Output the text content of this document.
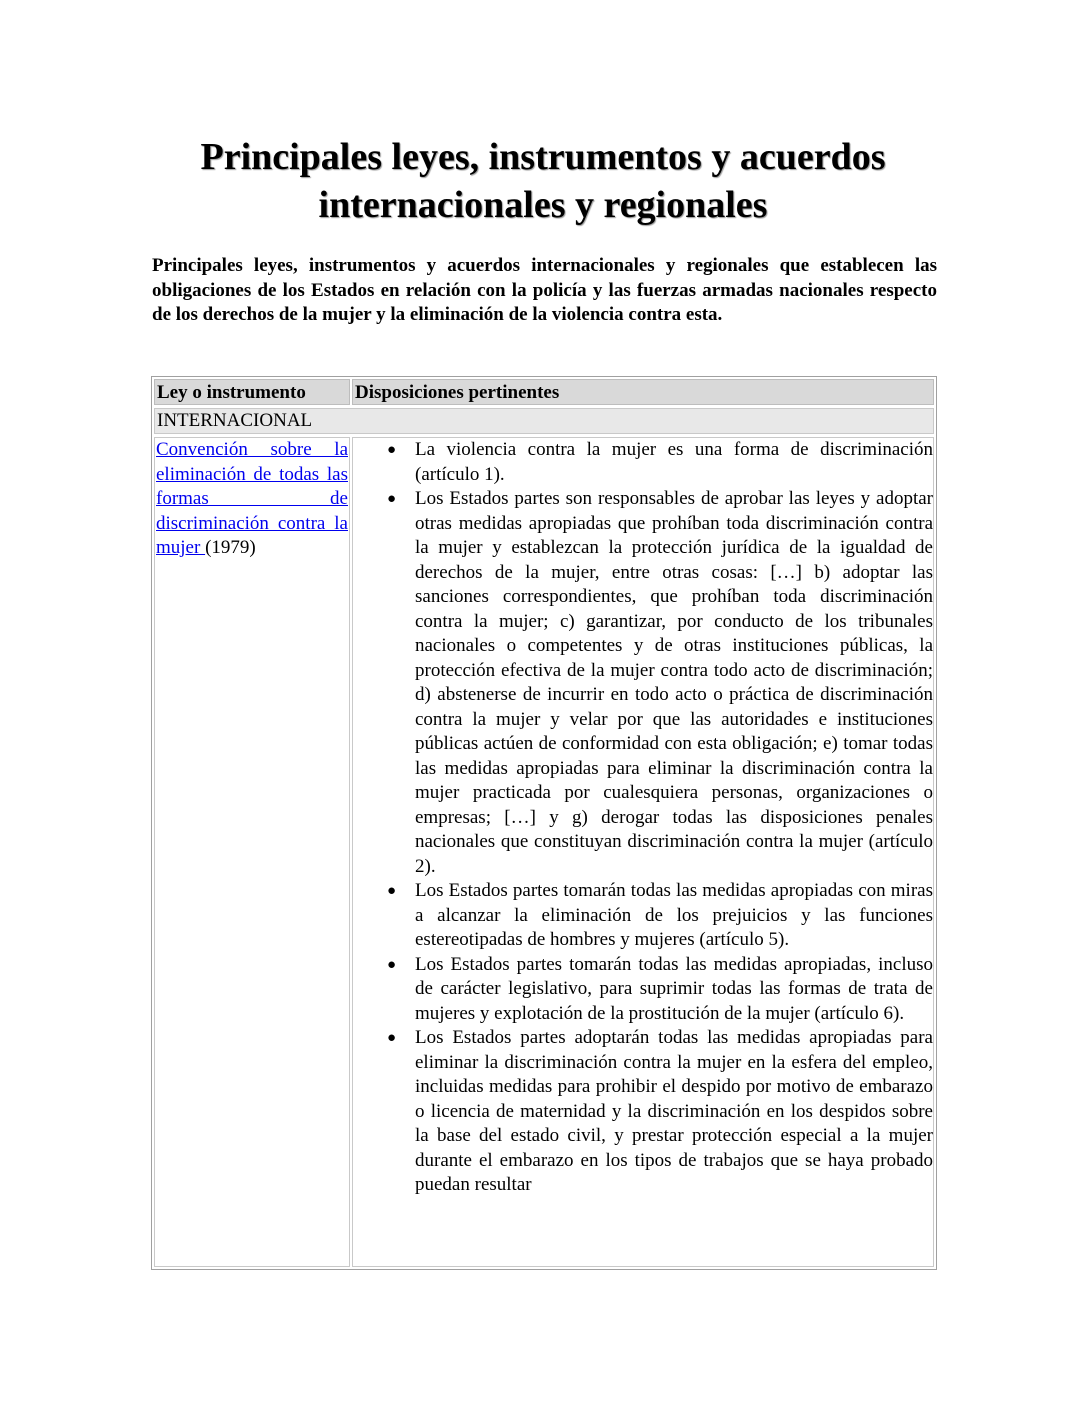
Principales leyes, instrumentos y acuerdos internacionales y regionales

Principales leyes, instrumentos y acuerdos internacionales y regionales que establecen las obligaciones de los Estados en relación con la policía y las fuerzas armadas nacionales respecto de los derechos de la mujer y la eliminación de la violencia contra esta.

Ley o instrumento	Disposiciones pertinentes
INTERNACIONAL
Convención sobre la eliminación de todas las formas de discriminación contra la mujer (1979)
● La violencia contra la mujer es una forma de discriminación (artículo 1).
● Los Estados partes son responsables de aprobar las leyes y adoptar otras medidas apropiadas que prohíban toda discriminación contra la mujer y establezcan la protección jurídica de la igualdad de derechos de la mujer, entre otras cosas: […] b) adoptar las sanciones correspondientes, que prohíban toda discriminación contra la mujer; c) garantizar, por conducto de los tribunales nacionales o competentes y de otras instituciones públicas, la protección efectiva de la mujer contra todo acto de discriminación; d) abstenerse de incurrir en todo acto o práctica de discriminación contra la mujer y velar por que las autoridades e instituciones públicas actúen de conformidad con esta obligación; e) tomar todas las medidas apropiadas para eliminar la discriminación contra la mujer practicada por cualesquiera personas, organizaciones o empresas; […] y g) derogar todas las disposiciones penales nacionales que constituyan discriminación contra la mujer (artículo 2).
● Los Estados partes tomarán todas las medidas apropiadas con miras a alcanzar la eliminación de los prejuicios y las funciones estereotipadas de hombres y mujeres (artículo 5).
● Los Estados partes tomarán todas las medidas apropiadas, incluso de carácter legislativo, para suprimir todas las formas de trata de mujeres y explotación de la prostitución de la mujer (artículo 6).
● Los Estados partes adoptarán todas las medidas apropiadas para eliminar la discriminación contra la mujer en la esfera del empleo, incluidas medidas para prohibir el despido por motivo de embarazo o licencia de maternidad y la discriminación en los despidos sobre la base del estado civil, y prestar protección especial a la mujer durante el embarazo en los tipos de trabajos que se haya probado puedan resultar
